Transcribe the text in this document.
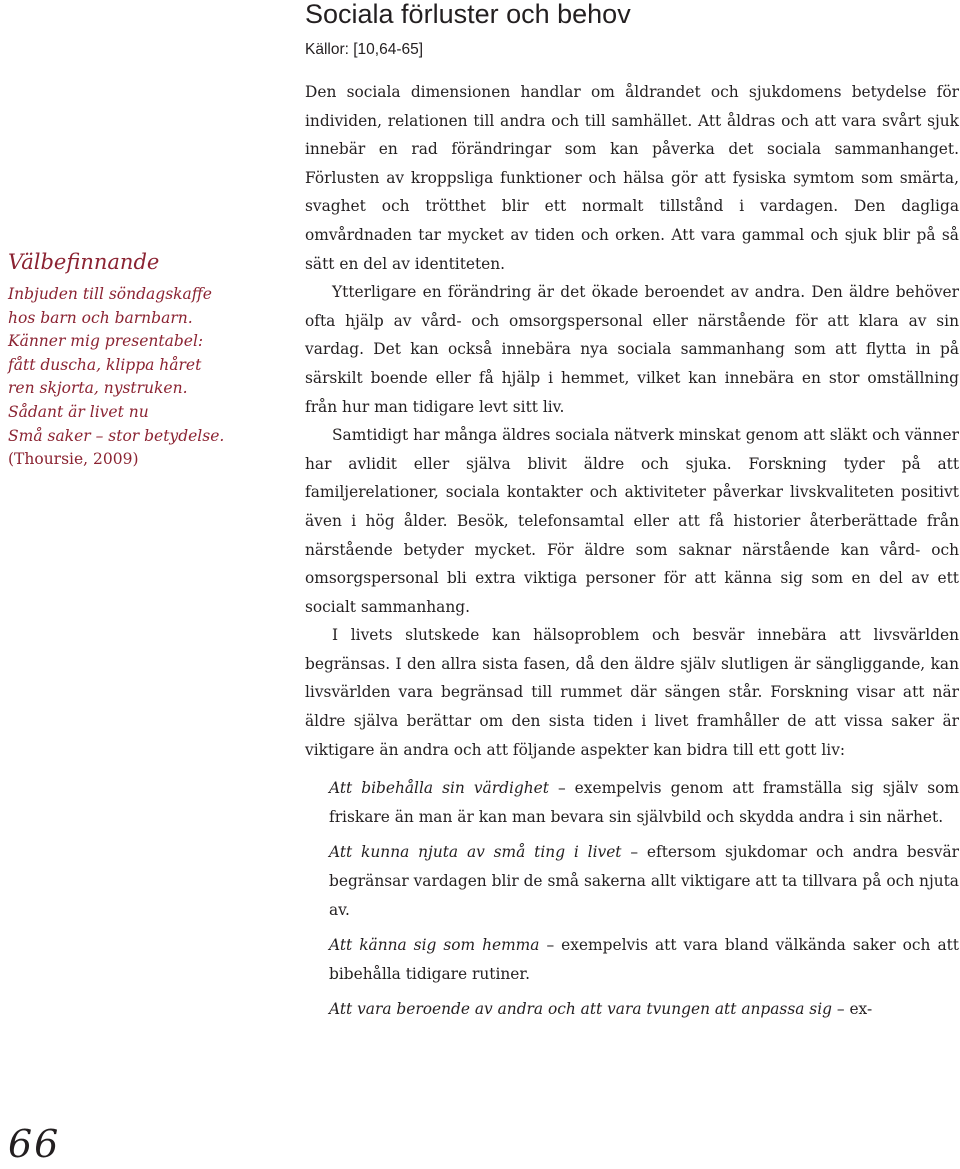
Välbefinnande
Inbjuden till söndagskaffe
hos barn och barnbarn.
Känner mig presentabel:
fått duscha, klippa håret
ren skjorta, nystruken.
Sådant är livet nu
Små saker – stor betydelse.
(Thoursie, 2009)
66
Sociala förluster och behov
Källor: [10,64-65]

Den sociala dimensionen handlar om åldrandet och sjukdomens betydelse för individen, relationen till andra och till samhället. Att åldras och att vara svårt sjuk innebär en rad förändringar som kan påverka det sociala sammanhanget. Förlusten av kroppsliga funktioner och hälsa gör att fysiska symtom som smärta, svaghet och trötthet blir ett normalt tillstånd i vardagen. Den dagliga omvårdnaden tar mycket av tiden och orken. Att vara gammal och sjuk blir på så sätt en del av identiteten.

Ytterligare en förändring är det ökade beroendet av andra. Den äldre behöver ofta hjälp av vård- och omsorgspersonal eller närstående för att klara av sin vardag. Det kan också innebära nya sociala sammanhang som att flytta in på särskilt boende eller få hjälp i hemmet, vilket kan innebära en stor omställning från hur man tidigare levt sitt liv.

Samtidigt har många äldres sociala nätverk minskat genom att släkt och vänner har avlidit eller själva blivit äldre och sjuka. Forskning tyder på att familjerelationer, sociala kontakter och aktiviteter påverkar livskvaliteten positivt även i hög ålder. Besök, telefonsamtal eller att få historier återberättade från närstående betyder mycket. För äldre som saknar närstående kan vård- och omsorgspersonal bli extra viktiga personer för att känna sig som en del av ett socialt sammanhang.

I livets slutskede kan hälsoproblem och besvär innebära att livsvärlden begränsas. I den allra sista fasen, då den äldre själv slutligen är sängliggande, kan livsvärlden vara begränsad till rummet där sängen står. Forskning visar att när äldre själva berättar om den sista tiden i livet framhåller de att vissa saker är viktigare än andra och att följande aspekter kan bidra till ett gott liv:

Att bibehålla sin värdighet – exempelvis genom att framställa sig själv som friskare än man är kan man bevara sin självbild och skydda andra i sin närhet.

Att kunna njuta av små ting i livet – eftersom sjukdomar och andra besvär begränsar vardagen blir de små sakerna allt viktigare att ta tillvara på och njuta av.

Att känna sig som hemma – exempelvis att vara bland välkända saker och att bibehålla tidigare rutiner.

Att vara beroende av andra och att vara tvungen att anpassa sig – ex-
